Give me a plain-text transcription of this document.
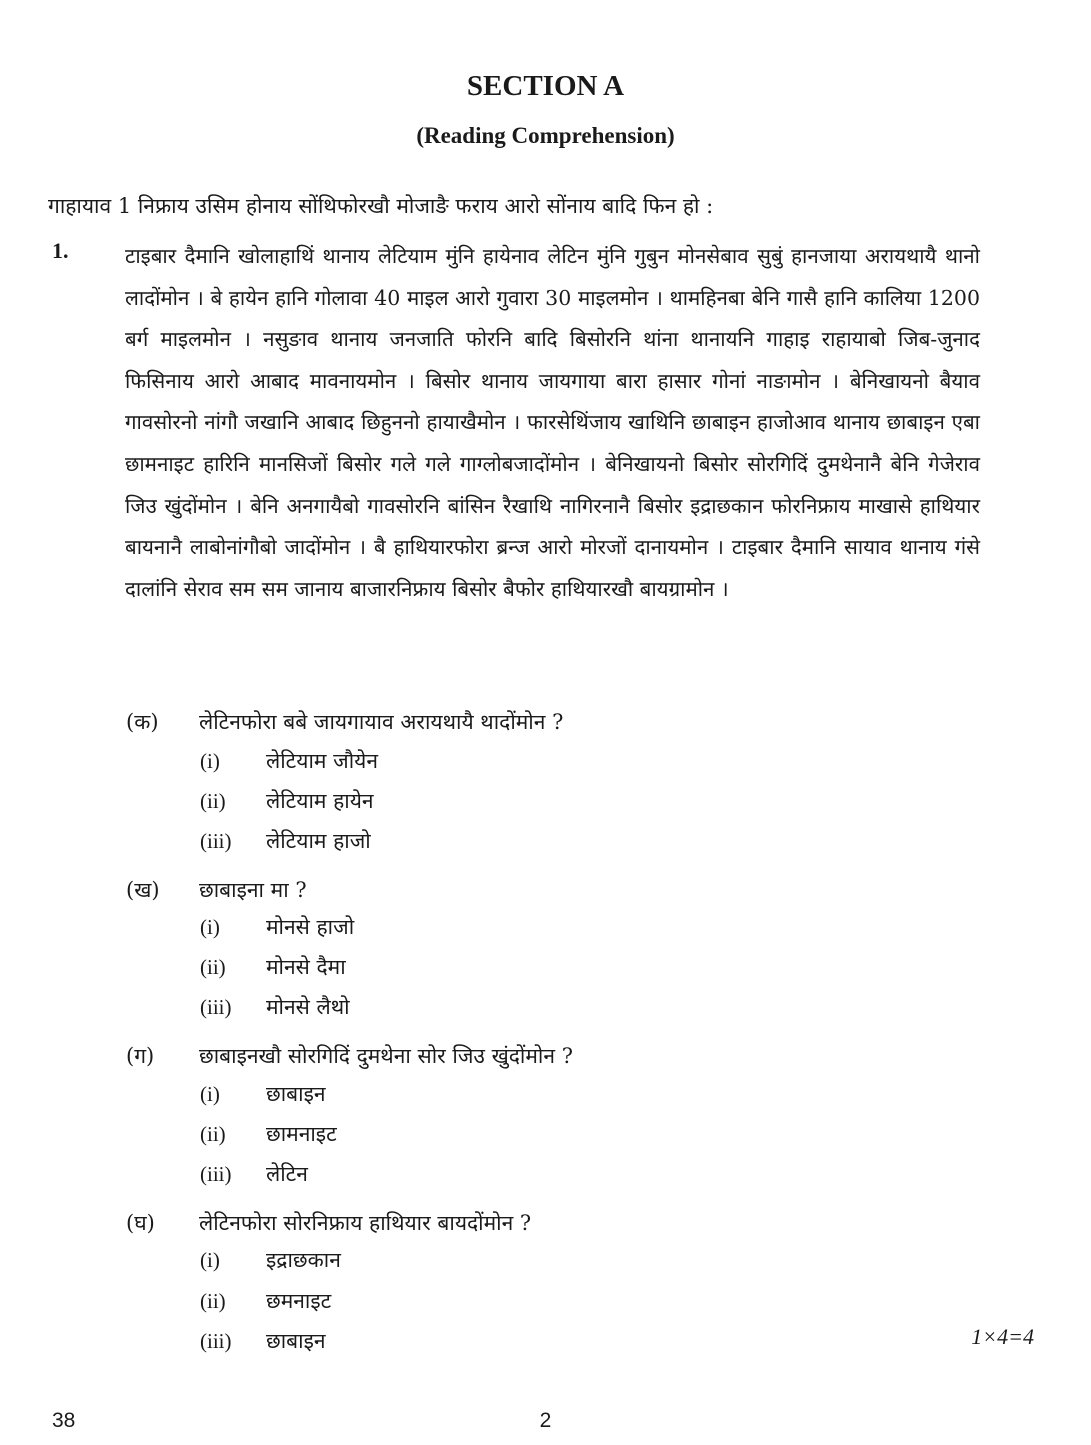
SECTION A
(Reading Comprehension)
गाहायाव 1 निफ्राय उसिम होनाय सोंथिफोरखौ मोजाङै फराय आरो सोंनाय बादि फिन हो :
1.	टाइबार दैमानि खोलाहाथिं थानाय लेटियाम मुंनि हायेनाव लेटिन मुंनि गुबुन मोनसेबाव सुबुं हानजाया अरायथायै थानो लादोंमोन । बे हायेन हानि गोलावा 40 माइल आरो गुवारा 30 माइलमोन । थामहिनबा बेनि गासै हानि कालिया 1200 बर्ग माइलमोन । नसुङाव थानाय जनजाति फोरनि बादि बिसोरनि थांना थानायनि गाहाइ राहायाबो जिब-जुनाद फिसिनाय आरो आबाद मावनायमोन । बिसोर थानाय जायगाया बारा हासार गोनां नाङामोन । बेनिखायनो बैयाव गावसोरनो नांगौ जखानि आबाद छिहुननो हायाखैमोन । फारसेथिंजाय खाथिनि छाबाइन हाजोआव थानाय छाबाइन एबा छामनाइट हारिनि मानसिजों बिसोर गले गले गाग्लोबजादोंमोन । बेनिखायनो बिसोर सोरगिदिं दुमथेनानै बेनि गेजेराव जिउ खुंदोंमोन । बेनि अनगायैबो गावसोरनि बांसिन रैखाथि नागिरनानै बिसोर इद्राछकान फोरनिफ्राय माखासे हाथियार बायनानै लाबोनांगौबो जादोंमोन । बै हाथियारफोरा ब्रन्ज आरो मोरजों दानायमोन । टाइबार दैमानि सायाव थानाय गंसे दालांनि सेराव सम सम जानाय बाजारनिफ्राय बिसोर बैफोर हाथियारखौ बायग्रामोन ।

(क) लेटिनफोरा बबे जायगायाव अरायथायै थादोंमोन ?
(i) लेटियाम जौयेन
(ii) लेटियाम हायेन
(iii) लेटियाम हाजो
(ख) छाबाइना मा ?
(i) मोनसे हाजो
(ii) मोनसे दैमा
(iii) मोनसे लैथो
(ग) छाबाइनखौ सोरगिदिं दुमथेना सोर जिउ खुंदोंमोन ?
(i) छाबाइन
(ii) छामनाइट
(iii) लेटिन
(घ) लेटिनफोरा सोरनिफ्राय हाथियार बायदोंमोन ?
(i) इद्राछकान
(ii) छमनाइट
(iii) छाबाइन	1×4=4
38	2
